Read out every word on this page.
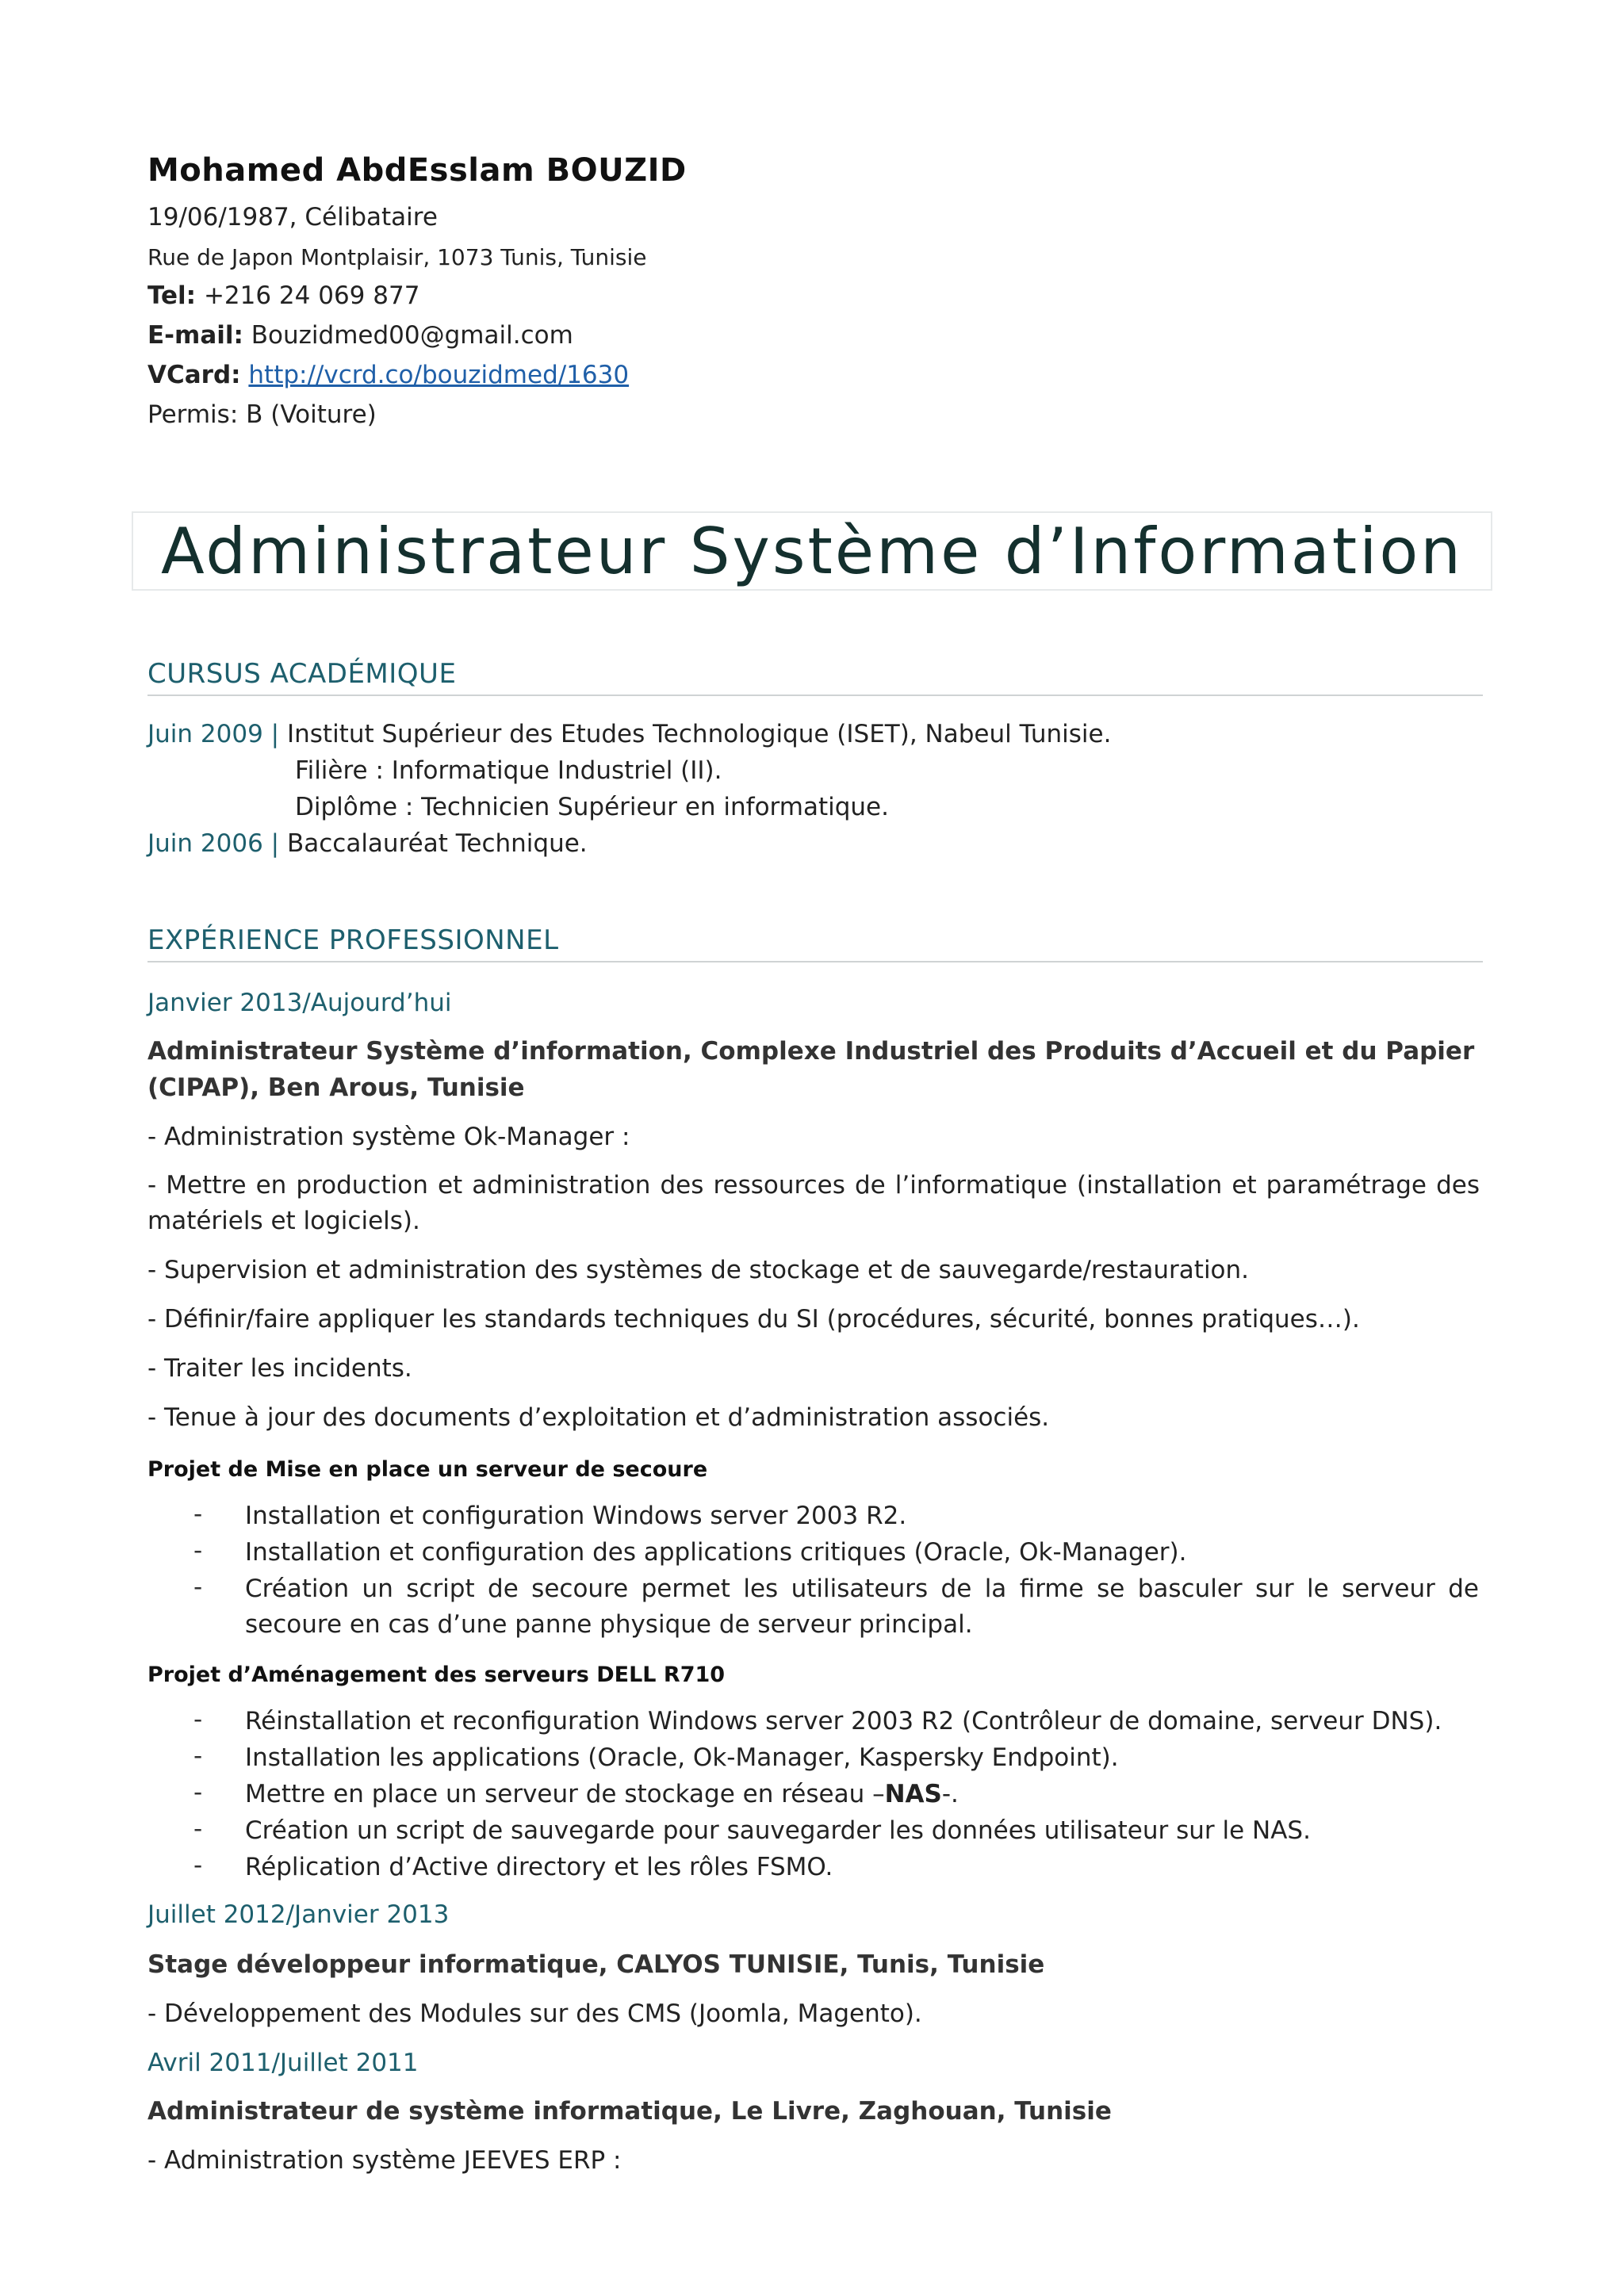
Mohamed AbdEsslam BOUZID
19/06/1987, Célibataire
Rue de Japon Montplaisir, 1073 Tunis, Tunisie
Tel: +216 24 069 877
E-mail: Bouzidmed00@gmail.com
VCard: http://vcrd.co/bouzidmed/1630
Permis: B (Voiture)
Administrateur Système d’Information
CURSUS ACADÉMIQUE
Juin 2009 | Institut Supérieur des Etudes Technologique (ISET), Nabeul Tunisie.
Filière : Informatique Industriel (II).
Diplôme : Technicien Supérieur en informatique.
Juin 2006 | Baccalauréat Technique.
EXPÉRIENCE PROFESSIONNEL
Janvier 2013/Aujourd’hui
Administrateur Système d’information, Complexe Industriel des Produits d’Accueil et du Papier (CIPAP), Ben Arous, Tunisie
- Administration système Ok-Manager :
- Mettre en production et administration des ressources de l’informatique (installation et paramétrage des matériels et logiciels).
- Supervision et administration des systèmes de stockage et de sauvegarde/restauration.
- Définir/faire appliquer les standards techniques du SI (procédures, sécurité, bonnes pratiques…).
- Traiter les incidents.
- Tenue à jour des documents d’exploitation et d’administration associés.
Projet de Mise en place un serveur de secoure
- Installation et configuration Windows server 2003 R2.
- Installation et configuration des applications critiques (Oracle, Ok-Manager).
- Création un script de secoure permet les utilisateurs de la firme se basculer sur le serveur de secoure en cas d’une panne physique de serveur principal.
Projet d’Aménagement des serveurs DELL R710
- Réinstallation et reconfiguration Windows server 2003 R2 (Contrôleur de domaine, serveur DNS).
- Installation les applications (Oracle, Ok-Manager, Kaspersky Endpoint).
- Mettre en place un serveur de stockage en réseau –NAS-.
- Création un script de sauvegarde pour sauvegarder les données utilisateur sur le NAS.
- Réplication d’Active directory et les rôles FSMO.
Juillet 2012/Janvier 2013
Stage développeur informatique, CALYOS TUNISIE, Tunis, Tunisie
- Développement des Modules sur des CMS (Joomla, Magento).
Avril 2011/Juillet 2011
Administrateur de système informatique, Le Livre, Zaghouan, Tunisie
- Administration système JEEVES ERP :
